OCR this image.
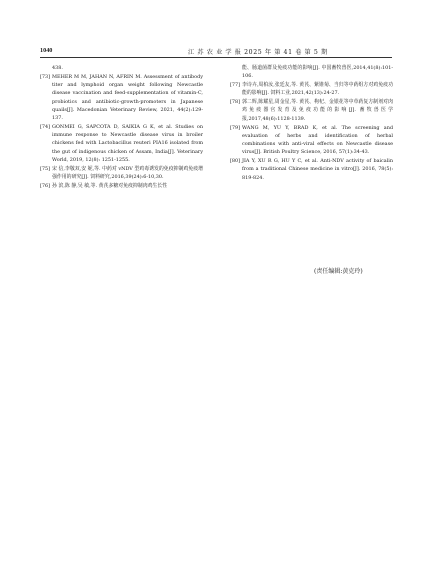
1040	江 苏 农 业 学 报 2025 年 第 41 卷 第 5 期
438.
[73] MEHER M M, JAHAN N, AFRIN M. Assessment of antibody titer and lymphoid organ weight following Newcastle disease vaccination and feed-supplementation of vitamin-C, probiotics and antibiotic-growth-promoters in Japanese quails[J]. Macedonian Veterinary Review, 2021, 44(2):129-137.
[74] GONMEI G, SAPCOTA D, SAIKIA G K, et al. Studies on immune response to Newcastle disease virus in broiler chickens fed with Lactobacillus reuteri PIA16 isolated from the gut of indigenous chicken of Assam, India[J]. Veterinary World, 2019, 12(8): 1251-1255.
[75] 宋 信,李敬双,安 妮,等. 中药对 vNDV 型鸡毒诱发的免疫抑制鸡免疫增强作用的研究[J]. 饲料研究,2016,39(24):6-10,30.
[76] 孙 滨,陈 静,吴 敏,等. 黄芪多糖对免疫抑制肉鸡生长性
能、肠道菌群及免疫功能的影响[J]. 中国畜牧兽医,2014,41(8):101-106.
[77] 李诗卉,周柏汝,张廷友,等. 黄芪、紫锥菊、当归等中药组方对鸡免疫功能的影响[J]. 饲料工业,2021,42(13):24-27.
[78] 郭二辉,陈耀星,周金星,等. 黄芪、枸杞、金银花等中草药复方制剂对肉鸡免疫器官发育及免疫功能的影响[J]. 畜牧兽医学报,2017,48(6):1128-1139.
[79] WANG M, YU Y, BRAD K, et al. The screening and evaluation of herbs and identification of herbal combinations with anti-viral effects on Newcastle disease virus[J]. British Poultry Science, 2016, 57(1):34-43.
[80] JIA Y, XU R G, HU Y C, et al. Anti-NDV activity of baicalin from a traditional Chinese medicine in vitro[J]. 2016, 78(5): 819-824.
(责任编辑:黄克玲)
